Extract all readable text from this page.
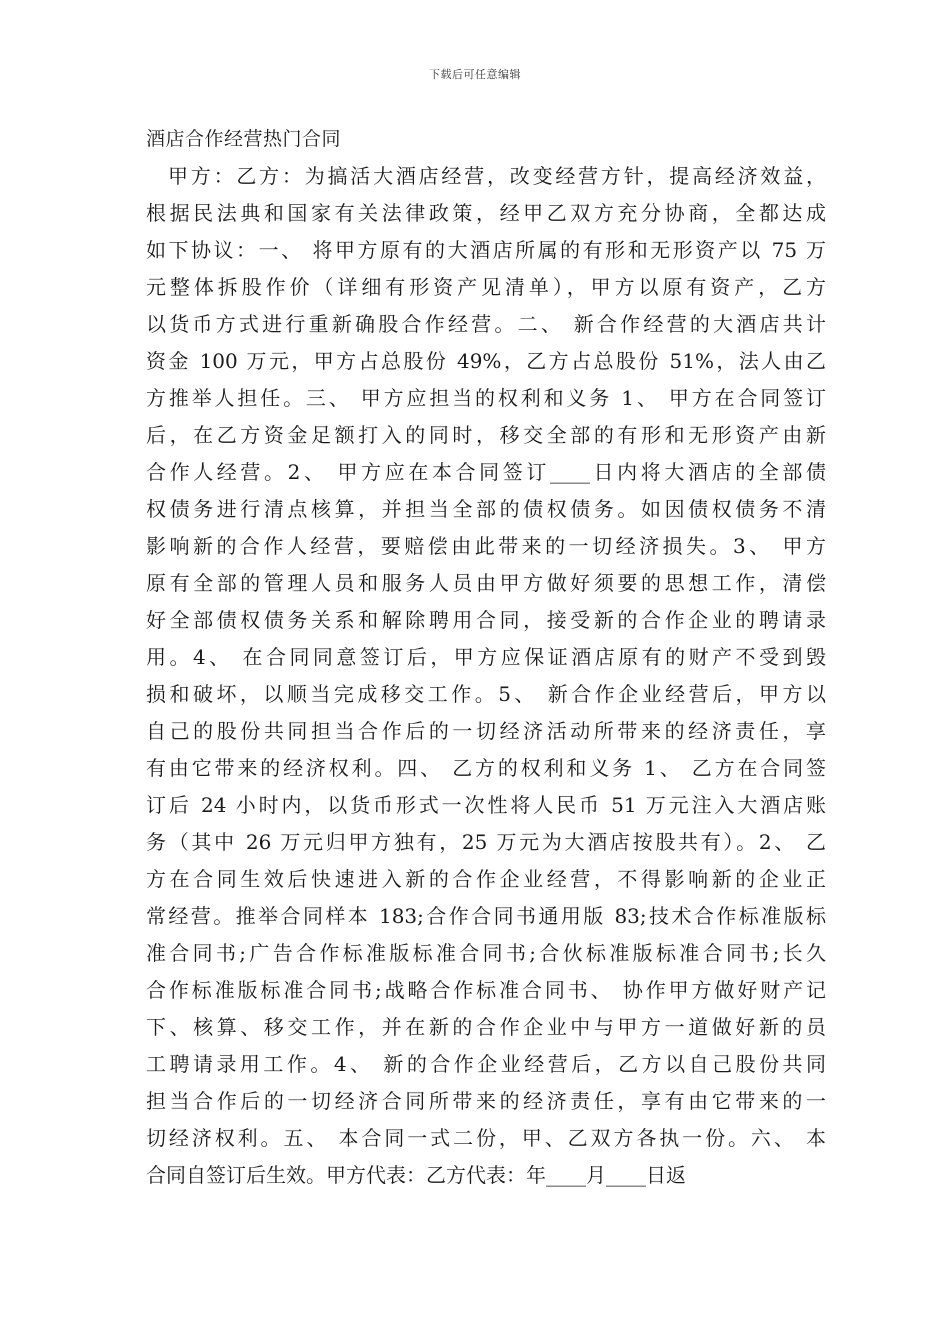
下载后可任意编辑
酒店合作经营热门合同
甲方：乙方：为搞活大酒店经营，改变经营方针，提高经济效益，
根据民法典和国家有关法律政策，经甲乙双方充分协商，全都达成
如下协议：一、 将甲方原有的大酒店所属的有形和无形资产以 75 万
元整体拆股作价（详细有形资产见清单），甲方以原有资产，乙方
以货币方式进行重新确股合作经营。二、 新合作经营的大酒店共计
资金 100 万元，甲方占总股份 49%，乙方占总股份 51%，法人由乙
方推举人担任。三、 甲方应担当的权利和义务 1、 甲方在合同签订
后，在乙方资金足额打入的同时，移交全部的有形和无形资产由新
合作人经营。2、 甲方应在本合同签订____日内将大酒店的全部债
权债务进行清点核算，并担当全部的债权债务。如因债权债务不清
影响新的合作人经营，要赔偿由此带来的一切经济损失。3、 甲方
原有全部的管理人员和服务人员由甲方做好须要的思想工作，清偿
好全部债权债务关系和解除聘用合同，接受新的合作企业的聘请录
用。4、 在合同同意签订后，甲方应保证酒店原有的财产不受到毁
损和破坏，以顺当完成移交工作。5、 新合作企业经营后，甲方以
自己的股份共同担当合作后的一切经济活动所带来的经济责任，享
有由它带来的经济权利。四、 乙方的权利和义务 1、 乙方在合同签
订后 24 小时内，以货币形式一次性将人民币 51 万元注入大酒店账
务（其中 26 万元归甲方独有，25 万元为大酒店按股共有）。2、 乙
方在合同生效后快速进入新的合作企业经营，不得影响新的企业正
常经营。推举合同样本 183;合作合同书通用版 83;技术合作标准版标
准合同书;广告合作标准版标准合同书;合伙标准版标准合同书;长久
合作标准版标准合同书;战略合作标准合同书、 协作甲方做好财产记
下、核算、移交工作，并在新的合作企业中与甲方一道做好新的员
工聘请录用工作。4、 新的合作企业经营后，乙方以自己股份共同
担当合作后的一切经济合同所带来的经济责任，享有由它带来的一
切经济权利。五、 本合同一式二份，甲、乙双方各执一份。六、 本
合同自签订后生效。甲方代表：乙方代表：年____月____日返
